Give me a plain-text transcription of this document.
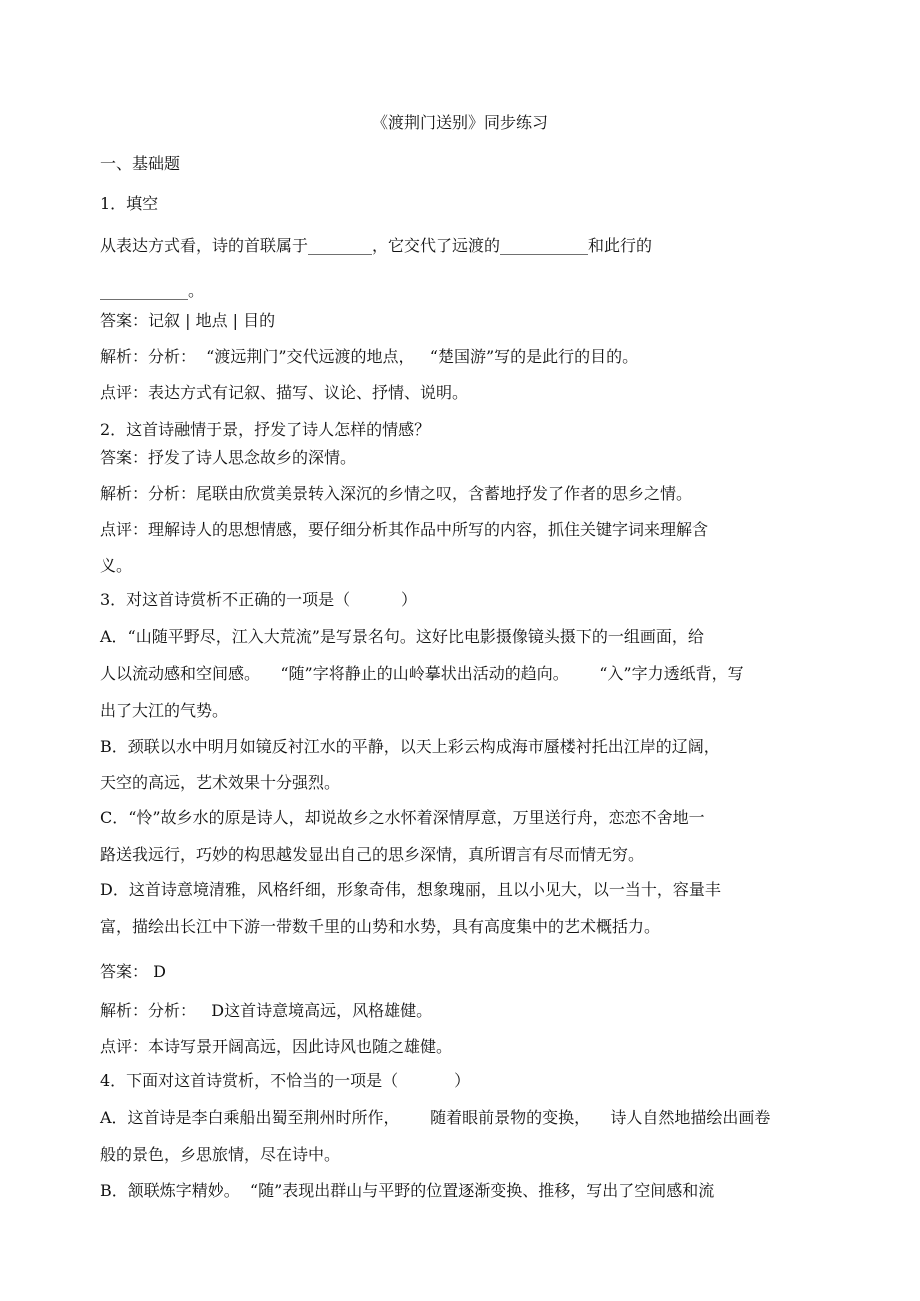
《渡荆门送别》同步练习
一、基础题
1．填空
从表达方式看，诗的首联属于________，它交代了远渡的___________和此行的
___________。
答案：记叙 | 地点 | 目的
解析：分析：  “渡远荆门”交代远渡的地点，   “楚国游”写的是此行的目的。
点评：表达方式有记叙、描写、议论、抒情、说明。
2．这首诗融情于景，抒发了诗人怎样的情感？
答案：抒发了诗人思念故乡的深情。
解析：分析：尾联由欣赏美景转入深沉的乡情之叹，含蓄地抒发了作者的思乡之情。
点评：理解诗人的思想情感，要仔细分析其作品中所写的内容，抓住关键字词来理解含
义。
3．对这首诗赏析不正确的一项是（          ）
A．“山随平野尽，江入大荒流”是写景名句。这好比电影摄像镜头摄下的一组画面，给
人以流动感和空间感。    “随”字将静止的山岭摹状出活动的趋向。      “入”字力透纸背，写
出了大江的气势。
B．颈联以水中明月如镜反衬江水的平静，以天上彩云构成海市蜃楼衬托出江岸的辽阔，
天空的高远，艺术效果十分强烈。
C．“怜”故乡水的原是诗人，却说故乡之水怀着深情厚意，万里送行舟，恋恋不舍地一
路送我远行，巧妙的构思越发显出自己的思乡深情，真所谓言有尽而情无穷。
D．这首诗意境清雅，风格纤细，形象奇伟，想象瑰丽，且以小见大，以一当十，容量丰
富，描绘出长江中下游一带数千里的山势和水势，具有高度集中的艺术概括力。
答案： D
解析：分析：   D这首诗意境高远，风格雄健。
点评：本诗写景开阔高远，因此诗风也随之雄健。
4．下面对这首诗赏析，不恰当的一项是（           ）
A．这首诗是李白乘船出蜀至荆州时所作，      随着眼前景物的变换，    诗人自然地描绘出画卷
般的景色，乡思旅情，尽在诗中。
B．颔联炼字精妙。  “随”表现出群山与平野的位置逐渐变换、推移，写出了空间感和流
